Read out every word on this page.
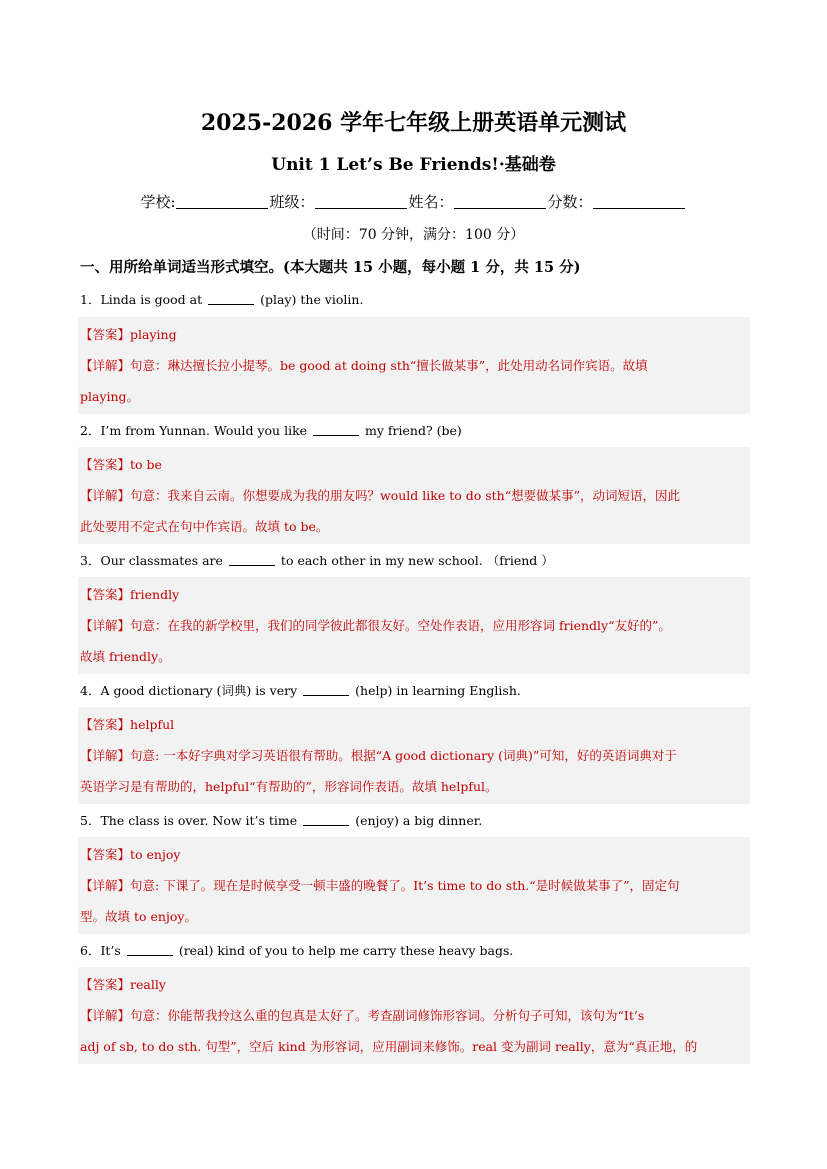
2025-2026 学年七年级上册英语单元测试
Unit 1 Let’s Be Friends!·基础卷
学校:	班级：	姓名：	分数：
（时间：70 分钟，满分：100 分）
一、用所给单词适当形式填空。(本大题共 15 小题，每小题 1 分，共 15 分)
1．Linda is good at	(play) the violin.
【答案】playing
【详解】句意：琳达擅长拉小提琴。be good at doing sth“擅长做某事”，此处用动名词作宾语。故填
playing。
2．I’m from Yunnan. Would you like	my friend? (be)
【答案】to be
【详解】句意：我来自云南。你想要成为我的朋友吗？would like to do sth“想要做某事”，动词短语，因此
此处要用不定式在句中作宾语。故填 to be。
3．Our classmates are	to each other in my new school. （friend ）
【答案】friendly
【详解】句意：在我的新学校里，我们的同学彼此都很友好。空处作表语，应用形容词 friendly“友好的”。
故填 friendly。
4．A good dictionary (词典) is very	(help) in learning English.
【答案】helpful
【详解】句意: 一本好字典对学习英语很有帮助。根据“A good dictionary (词典)”可知，好的英语词典对于
英语学习是有帮助的，helpful“有帮助的”，形容词作表语。故填 helpful。
5．The class is over. Now it’s time	(enjoy) a big dinner.
【答案】to enjoy
【详解】句意: 下课了。现在是时候享受一顿丰盛的晚餐了。It’s time to do sth.“是时候做某事了”，固定句
型。故填 to enjoy。
6．It’s	(real) kind of you to help me carry these heavy bags.
【答案】really
【详解】句意：你能帮我拎这么重的包真是太好了。考查副词修饰形容词。分析句子可知，该句为“It’s
adj of sb, to do sth. 句型”，空后 kind 为形容词，应用副词来修饰。real 变为副词 really，意为“真正地，的
